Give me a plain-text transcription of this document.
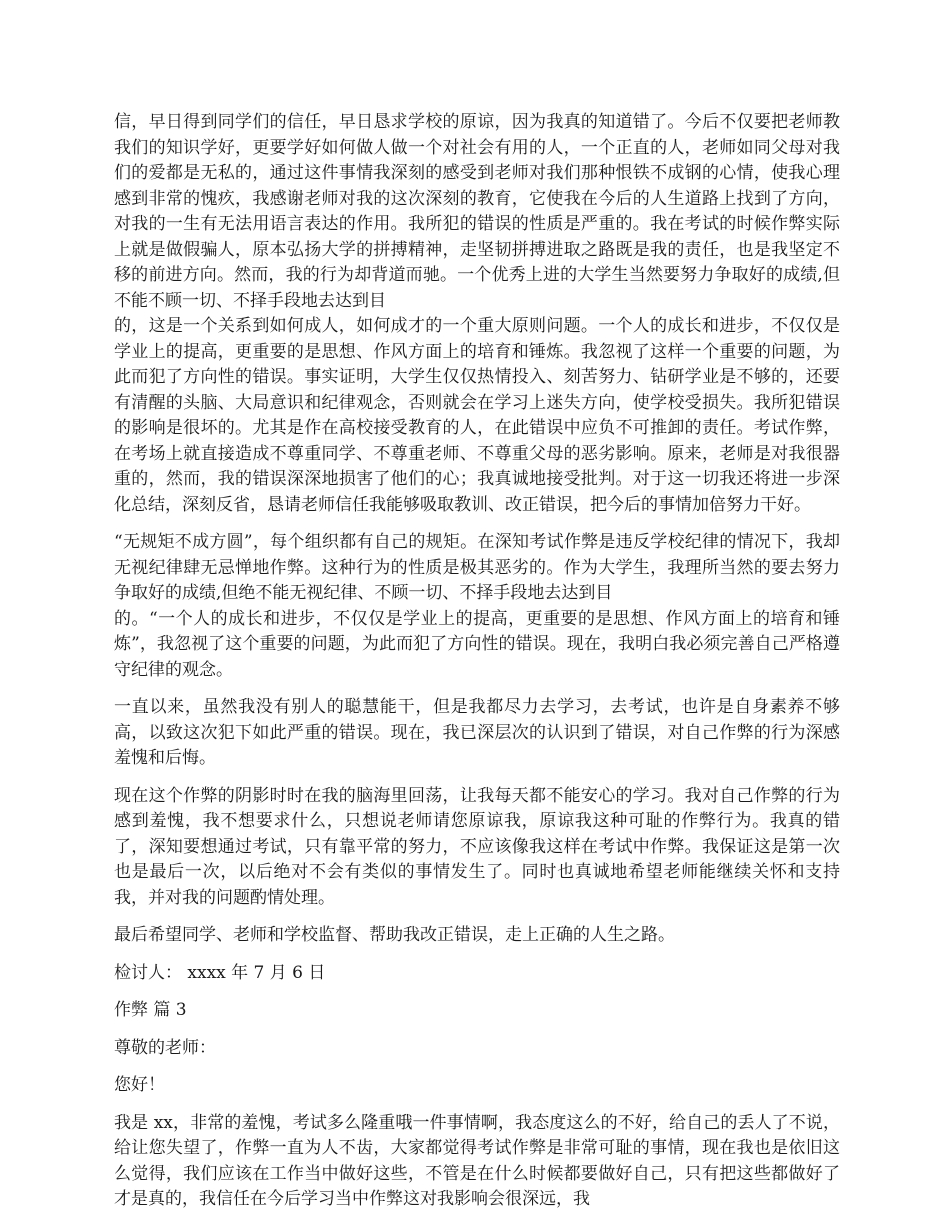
信，早日得到同学们的信任，早日恳求学校的原谅，因为我真的知道错了。今后不仅要把老师教我们的知识学好，更要学好如何做人做一个对社会有用的人，一个正直的人，老师如同父母对我们的爱都是无私的，通过这件事情我深刻的感受到老师对我们那种恨铁不成钢的心情，使我心理感到非常的愧疚，我感谢老师对我的这次深刻的教育，它使我在今后的人生道路上找到了方向，对我的一生有无法用语言表达的作用。我所犯的错误的性质是严重的。我在考试的时候作弊实际上就是做假骗人，原本弘扬大学的拼搏精神，走坚韧拼搏进取之路既是我的责任，也是我坚定不移的前进方向。然而，我的行为却背道而驰。一个优秀上进的大学生当然要努力争取好的成绩,但不能不顾一切、不择手段地去达到目
的，这是一个关系到如何成人，如何成才的一个重大原则问题。一个人的成长和进步，不仅仅是学业上的提高，更重要的是思想、作风方面上的培育和锤炼。我忽视了这样一个重要的问题，为此而犯了方向性的错误。事实证明，大学生仅仅热情投入、刻苦努力、钻研学业是不够的，还要有清醒的头脑、大局意识和纪律观念，否则就会在学习上迷失方向，使学校受损失。我所犯错误的影响是很坏的。尤其是作在高校接受教育的人，在此错误中应负不可推卸的责任。考试作弊，在考场上就直接造成不尊重同学、不尊重老师、不尊重父母的恶劣影响。原来，老师是对我很器重的，然而，我的错误深深地损害了他们的心；我真诚地接受批判。对于这一切我还将进一步深化总结，深刻反省，恳请老师信任我能够吸取教训、改正错误，把今后的事情加倍努力干好。

“无规矩不成方圆”，每个组织都有自己的规矩。在深知考试作弊是违反学校纪律的情况下，我却无视纪律肆无忌惮地作弊。这种行为的性质是极其恶劣的。作为大学生，我理所当然的要去努力争取好的成绩,但绝不能无视纪律、不顾一切、不择手段地去达到目
的。“一个人的成长和进步，不仅仅是学业上的提高，更重要的是思想、作风方面上的培育和锤炼”，我忽视了这个重要的问题，为此而犯了方向性的错误。现在，我明白我必须完善自己严格遵守纪律的观念。

一直以来，虽然我没有别人的聪慧能干，但是我都尽力去学习，去考试，也许是自身素养不够高，以致这次犯下如此严重的错误。现在，我已深层次的认识到了错误，对自己作弊的行为深感羞愧和后悔。

现在这个作弊的阴影时时在我的脑海里回荡，让我每天都不能安心的学习。我对自己作弊的行为感到羞愧，我不想要求什么，只想说老师请您原谅我，原谅我这种可耻的作弊行为。我真的错了，深知要想通过考试，只有靠平常的努力，不应该像我这样在考试中作弊。我保证这是第一次也是最后一次，以后绝对不会有类似的事情发生了。同时也真诚地希望老师能继续关怀和支持我，并对我的问题酌情处理。

最后希望同学、老师和学校监督、帮助我改正错误，走上正确的人生之路。

检讨人： xxxx 年 7 月 6 日

作弊 篇 3

尊敬的老师：

您好！

我是 xx，非常的羞愧，考试多么隆重哦一件事情啊，我态度这么的不好，给自己的丢人了不说，给让您失望了，作弊一直为人不齿，大家都觉得考试作弊是非常可耻的事情，现在我也是依旧这么觉得，我们应该在工作当中做好这些，不管是在什么时候都要做好自己，只有把这些都做好了才是真的，我信任在今后学习当中作弊这对我影响会很深远，我
